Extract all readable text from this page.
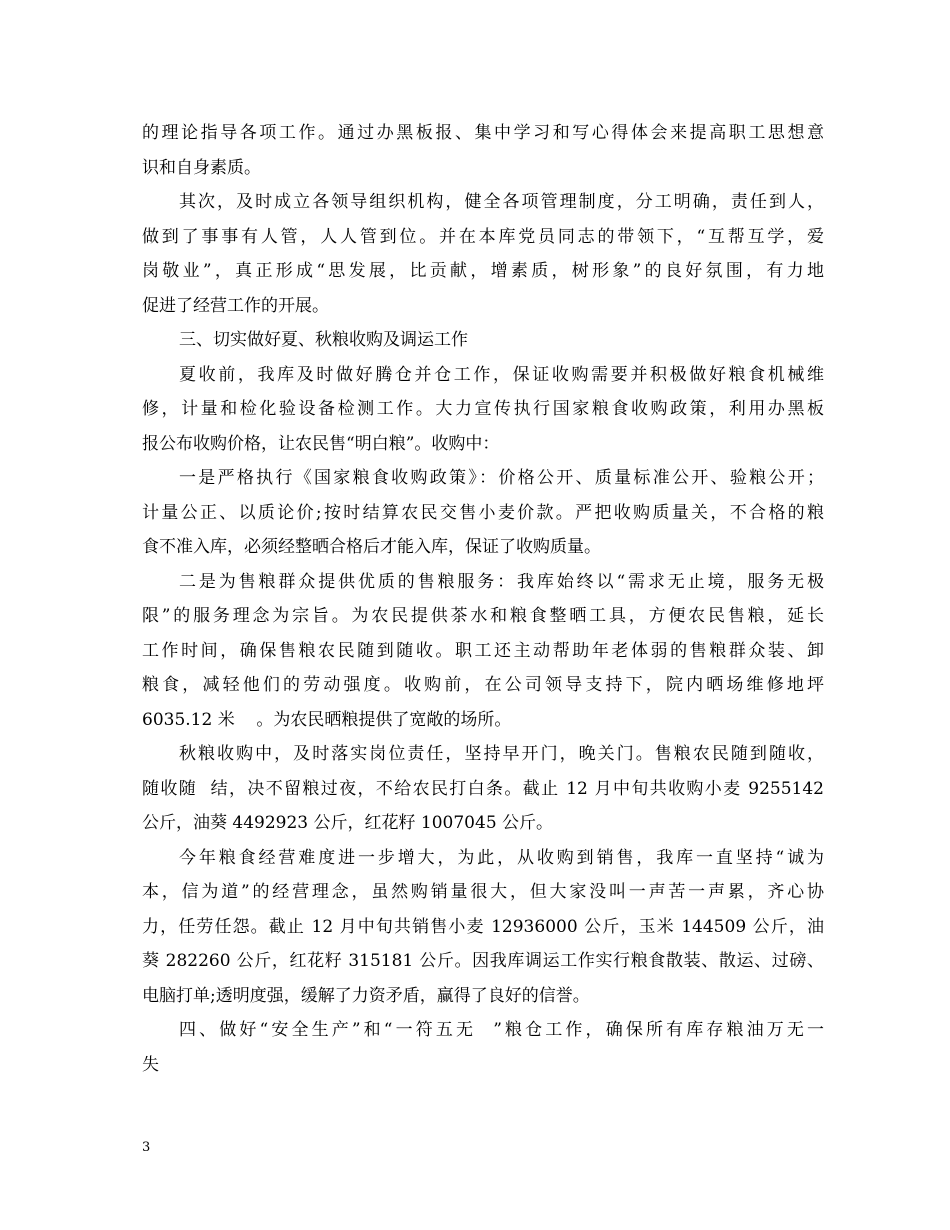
的理论指导各项工作。通过办黑板报、集中学习和写心得体会来提高职工思想意
识和自身素质。
其次，及时成立各领导组织机构，健全各项管理制度，分工明确，责任到人，
做到了事事有人管，人人管到位。并在本库党员同志的带领下，“互帮互学，爱
岗敬业”，真正形成“思发展，比贡献，增素质，树形象”的良好氛围，有力地
促进了经营工作的开展。
三、切实做好夏、秋粮收购及调运工作
夏收前，我库及时做好腾仓并仓工作，保证收购需要并积极做好粮食机械维
修，计量和检化验设备检测工作。大力宣传执行国家粮食收购政策，利用办黑板
报公布收购价格，让农民售“明白粮”。收购中：
一是严格执行《国家粮食收购政策》：价格公开、质量标准公开、验粮公开；
计量公正、以质论价;按时结算农民交售小麦价款。严把收购质量关，不合格的粮
食不准入库，必须经整晒合格后才能入库，保证了收购质量。
二是为售粮群众提供优质的售粮服务：我库始终以“需求无止境，服务无极
限”的服务理念为宗旨。为农民提供茶水和粮食整晒工具，方便农民售粮，延长
工作时间，确保售粮农民随到随收。职工还主动帮助年老体弱的售粮群众装、卸
粮食，减轻他们的劳动强度。收购前，在公司领导支持下，院内晒场维修地坪
6035.12 米    。为农民晒粮提供了宽敞的场所。
秋粮收购中，及时落实岗位责任，坚持早开门，晚关门。售粮农民随到随收，
随收随  结，决不留粮过夜，不给农民打白条。截止 12 月中旬共收购小麦 9255142
公斤，油葵 4492923 公斤，红花籽 1007045 公斤。
今年粮食经营难度进一步增大，为此，从收购到销售，我库一直坚持“诚为
本，信为道”的经营理念，虽然购销量很大，但大家没叫一声苦一声累，齐心协
力，任劳任怨。截止 12 月中旬共销售小麦 12936000 公斤，玉米 144509 公斤，油
葵 282260 公斤，红花籽 315181 公斤。因我库调运工作实行粮食散装、散运、过磅、
电脑打单;透明度强，缓解了力资矛盾，赢得了良好的信誉。
四、做好“安全生产”和“一符五无  ”粮仓工作，确保所有库存粮油万无一
失
3
